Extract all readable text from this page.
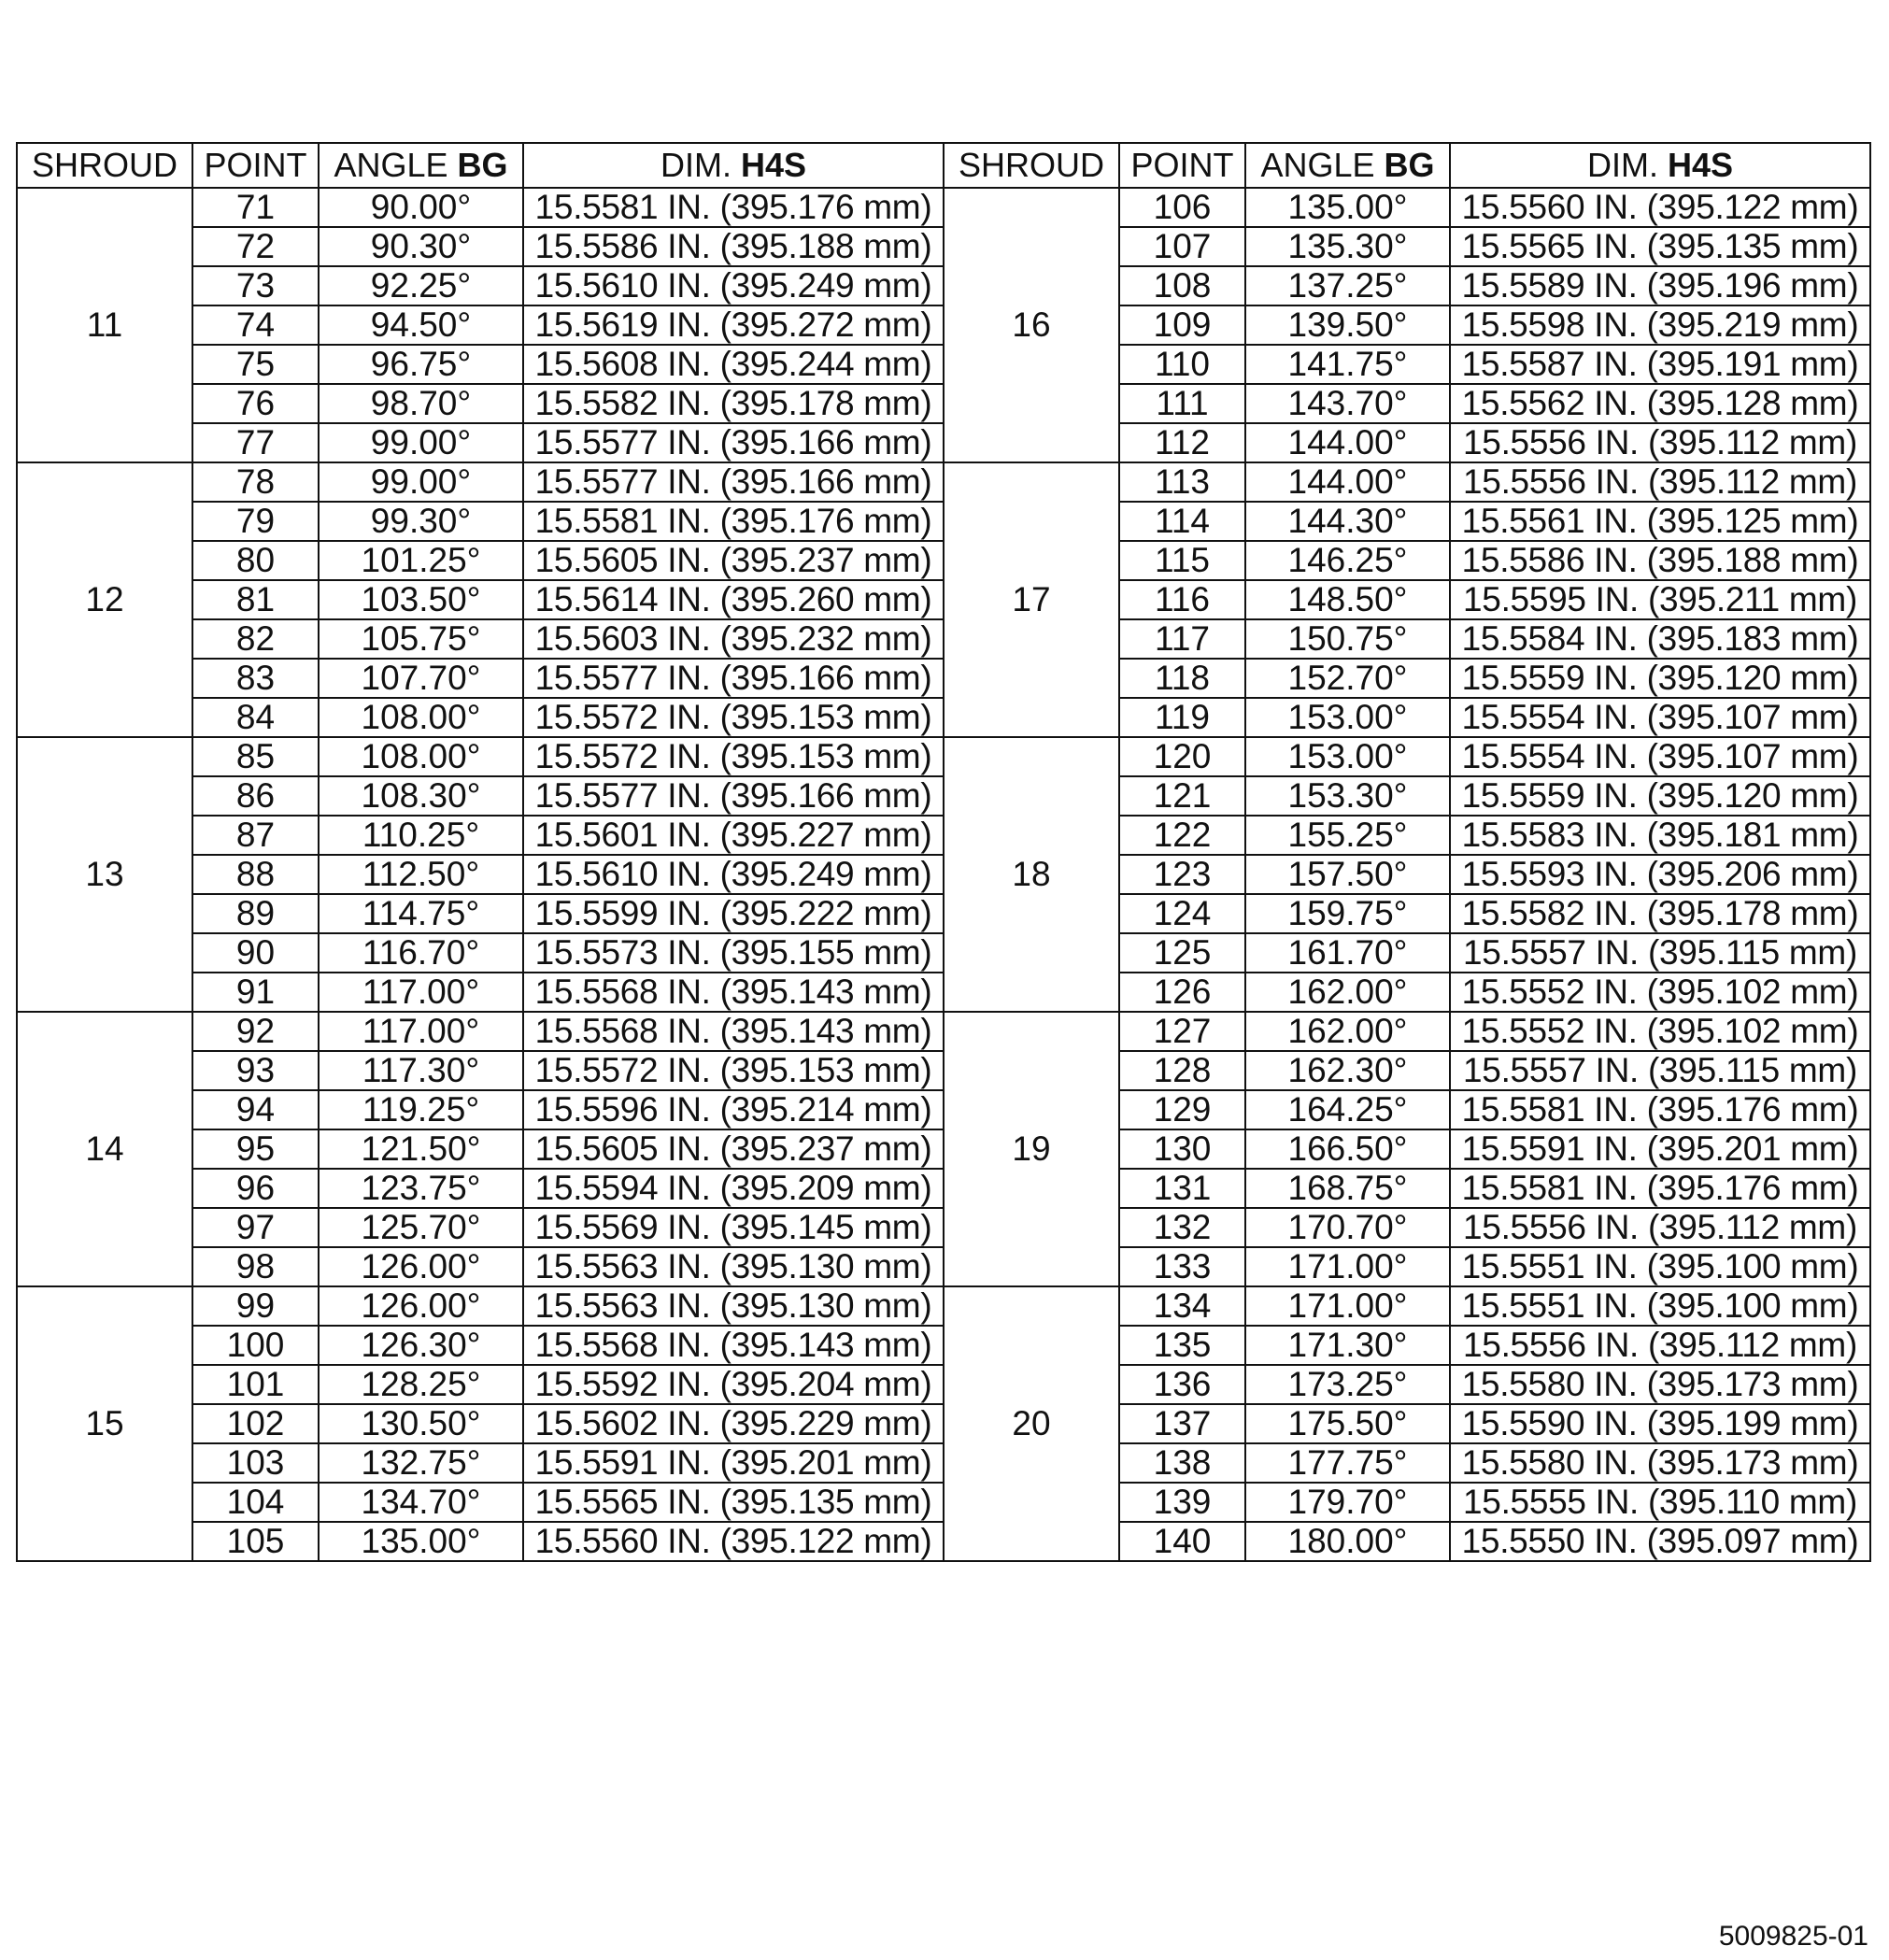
SHROUD	POINT	ANGLE BG	DIM. H4S	SHROUD	POINT	ANGLE BG	DIM. H4S
11	71	90.00°	15.5581 IN. (395.176 mm)	16	106	135.00°	15.5560 IN. (395.122 mm)
	72	90.30°	15.5586 IN. (395.188 mm)		107	135.30°	15.5565 IN. (395.135 mm)
	73	92.25°	15.5610 IN. (395.249 mm)		108	137.25°	15.5589 IN. (395.196 mm)
	74	94.50°	15.5619 IN. (395.272 mm)		109	139.50°	15.5598 IN. (395.219 mm)
	75	96.75°	15.5608 IN. (395.244 mm)		110	141.75°	15.5587 IN. (395.191 mm)
	76	98.70°	15.5582 IN. (395.178 mm)		111	143.70°	15.5562 IN. (395.128 mm)
	77	99.00°	15.5577 IN. (395.166 mm)		112	144.00°	15.5556 IN. (395.112 mm)
12	78	99.00°	15.5577 IN. (395.166 mm)	17	113	144.00°	15.5556 IN. (395.112 mm)
	79	99.30°	15.5581 IN. (395.176 mm)		114	144.30°	15.5561 IN. (395.125 mm)
	80	101.25°	15.5605 IN. (395.237 mm)		115	146.25°	15.5586 IN. (395.188 mm)
	81	103.50°	15.5614 IN. (395.260 mm)		116	148.50°	15.5595 IN. (395.211 mm)
	82	105.75°	15.5603 IN. (395.232 mm)		117	150.75°	15.5584 IN. (395.183 mm)
	83	107.70°	15.5577 IN. (395.166 mm)		118	152.70°	15.5559 IN. (395.120 mm)
	84	108.00°	15.5572 IN. (395.153 mm)		119	153.00°	15.5554 IN. (395.107 mm)
13	85	108.00°	15.5572 IN. (395.153 mm)	18	120	153.00°	15.5554 IN. (395.107 mm)
	86	108.30°	15.5577 IN. (395.166 mm)		121	153.30°	15.5559 IN. (395.120 mm)
	87	110.25°	15.5601 IN. (395.227 mm)		122	155.25°	15.5583 IN. (395.181 mm)
	88	112.50°	15.5610 IN. (395.249 mm)		123	157.50°	15.5593 IN. (395.206 mm)
	89	114.75°	15.5599 IN. (395.222 mm)		124	159.75°	15.5582 IN. (395.178 mm)
	90	116.70°	15.5573 IN. (395.155 mm)		125	161.70°	15.5557 IN. (395.115 mm)
	91	117.00°	15.5568 IN. (395.143 mm)		126	162.00°	15.5552 IN. (395.102 mm)
14	92	117.00°	15.5568 IN. (395.143 mm)	19	127	162.00°	15.5552 IN. (395.102 mm)
	93	117.30°	15.5572 IN. (395.153 mm)		128	162.30°	15.5557 IN. (395.115 mm)
	94	119.25°	15.5596 IN. (395.214 mm)		129	164.25°	15.5581 IN. (395.176 mm)
	95	121.50°	15.5605 IN. (395.237 mm)		130	166.50°	15.5591 IN. (395.201 mm)
	96	123.75°	15.5594 IN. (395.209 mm)		131	168.75°	15.5581 IN. (395.176 mm)
	97	125.70°	15.5569 IN. (395.145 mm)		132	170.70°	15.5556 IN. (395.112 mm)
	98	126.00°	15.5563 IN. (395.130 mm)		133	171.00°	15.5551 IN. (395.100 mm)
15	99	126.00°	15.5563 IN. (395.130 mm)	20	134	171.00°	15.5551 IN. (395.100 mm)
	100	126.30°	15.5568 IN. (395.143 mm)		135	171.30°	15.5556 IN. (395.112 mm)
	101	128.25°	15.5592 IN. (395.204 mm)		136	173.25°	15.5580 IN. (395.173 mm)
	102	130.50°	15.5602 IN. (395.229 mm)		137	175.50°	15.5590 IN. (395.199 mm)
	103	132.75°	15.5591 IN. (395.201 mm)		138	177.75°	15.5580 IN. (395.173 mm)
	104	134.70°	15.5565 IN. (395.135 mm)		139	179.70°	15.5555 IN. (395.110 mm)
	105	135.00°	15.5560 IN. (395.122 mm)		140	180.00°	15.5550 IN. (395.097 mm)
5009825-01
